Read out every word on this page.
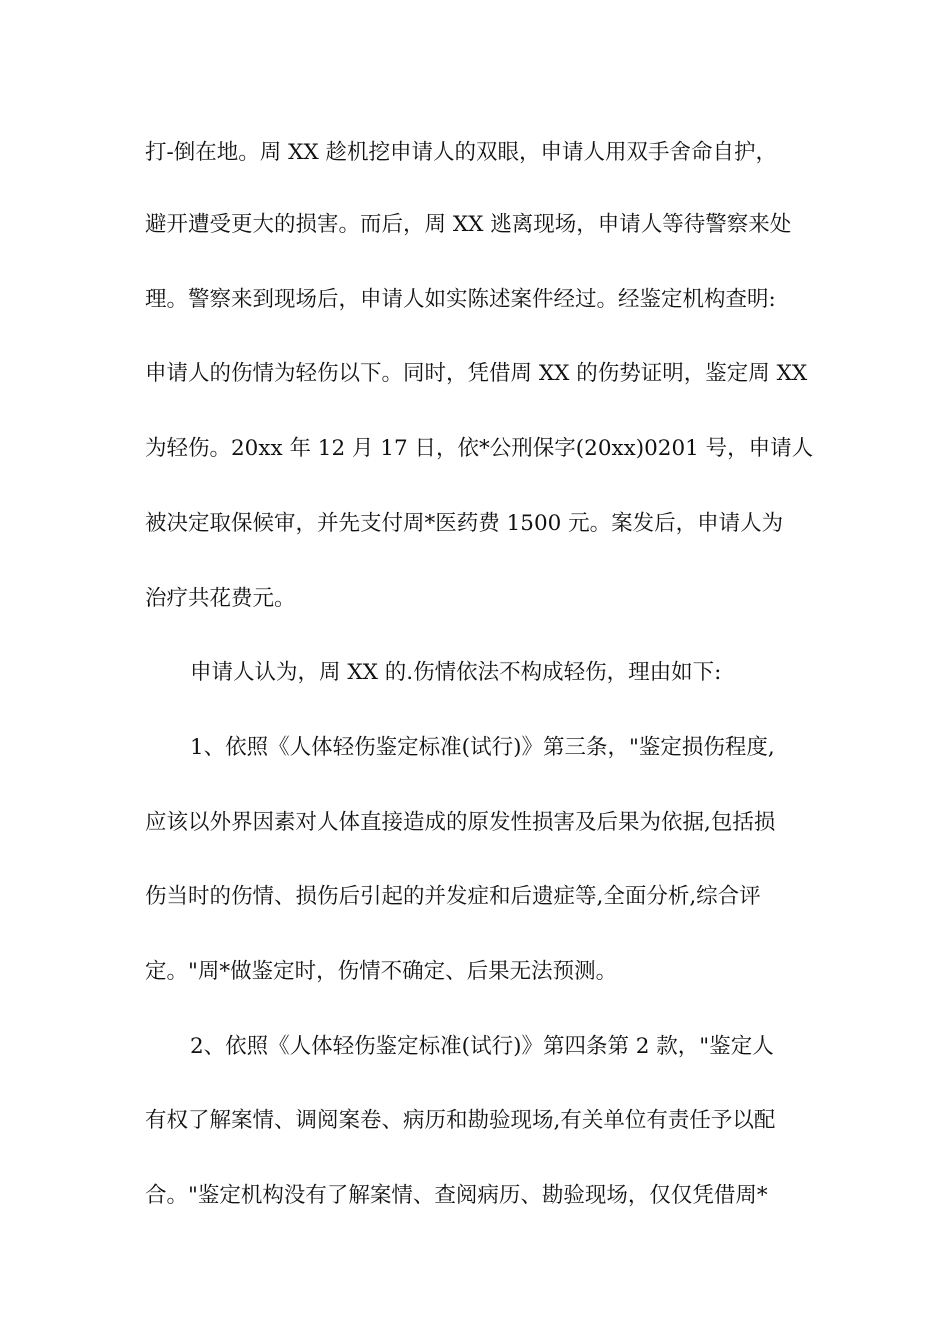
打-倒在地。周 XX 趁机挖申请人的双眼，申请人用双手舍命自护，
避开遭受更大的损害。而后，周 XX 逃离现场，申请人等待警察来处
理。警察来到现场后，申请人如实陈述案件经过。经鉴定机构查明:
申请人的伤情为轻伤以下。同时，凭借周 XX 的伤势证明，鉴定周 XX
为轻伤。20xx 年 12 月 17 日，依*公刑保字(20xx)0201 号，申请人
被决定取保候审，并先支付周*医药费 1500 元。案发后，申请人为
治疗共花费元。
申请人认为，周 XX 的.伤情依法不构成轻伤，理由如下:
1、依照《人体轻伤鉴定标准(试行)》第三条，"鉴定损伤程度,
应该以外界因素对人体直接造成的原发性损害及后果为依据,包括损
伤当时的伤情、损伤后引起的并发症和后遗症等,全面分析,综合评
定。"周*做鉴定时，伤情不确定、后果无法预测。
2、依照《人体轻伤鉴定标准(试行)》第四条第 2 款，"鉴定人
有权了解案情、调阅案卷、病历和勘验现场,有关单位有责任予以配
合。"鉴定机构没有了解案情、查阅病历、勘验现场，仅仅凭借周*
